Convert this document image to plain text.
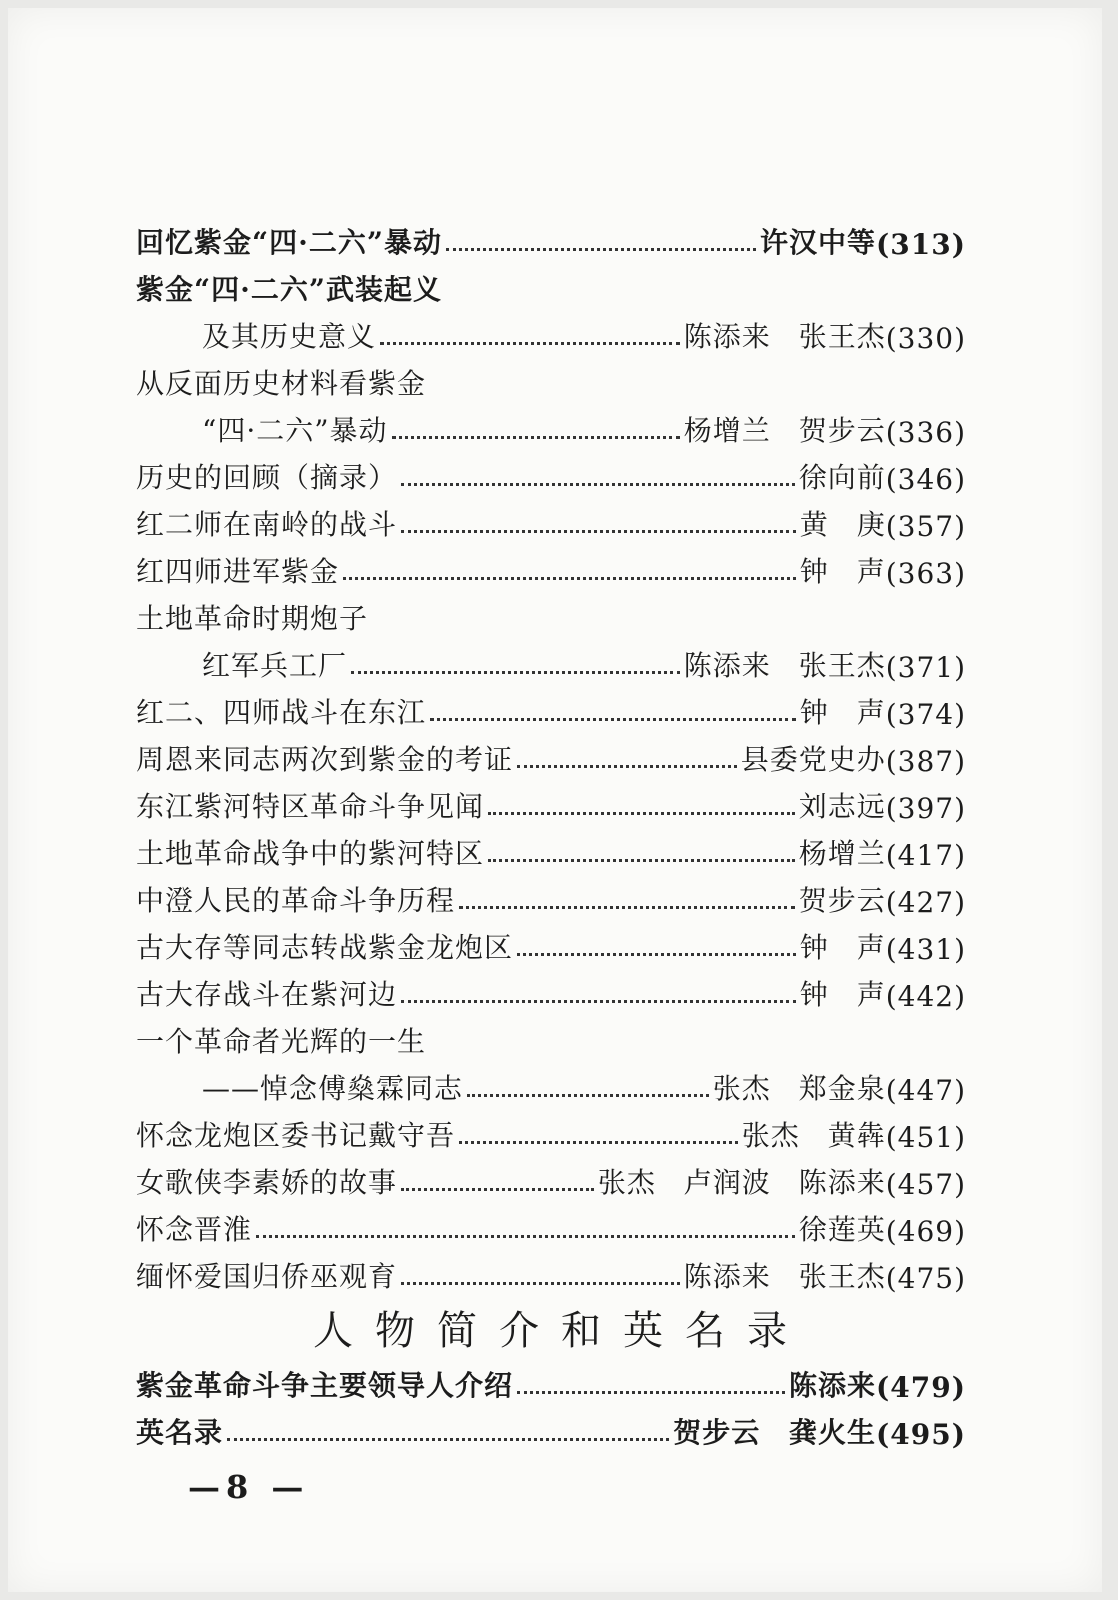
回忆紫金“四·二六”暴动	许汉中等 (313)
紫金“四·二六”武装起义
及其历史意义	陈添来 张王杰 (330)
从反面历史材料看紫金
“四·二六”暴动	杨增兰 贺步云 (336)
历史的回顾（摘录）	徐向前 (346)
红二师在南岭的战斗	黄 庚 (357)
红四师进军紫金	钟 声 (363)
土地革命时期炮子
红军兵工厂	陈添来 张王杰 (371)
红二、四师战斗在东江	钟 声 (374)
周恩来同志两次到紫金的考证	县委党史办 (387)
东江紫河特区革命斗争见闻	刘志远 (397)
土地革命战争中的紫河特区	杨增兰 (417)
中澄人民的革命斗争历程	贺步云 (427)
古大存等同志转战紫金龙炮区	钟 声 (431)
古大存战斗在紫河边	钟 声 (442)
一个革命者光辉的一生
——悼念傅燊霖同志	张杰 郑金泉 (447)
怀念龙炮区委书记戴守吾	张杰 黄犇 (451)
女歌侠李素娇的故事	张杰 卢润波 陈添来 (457)
怀念晋淮	徐莲英 (469)
缅怀爱国归侨巫观育	陈添来 张王杰 (475)
人物简介和英名录
紫金革命斗争主要领导人介绍	陈添来 (479)
英名录	贺步云 龚火生 (495)
—8 —
